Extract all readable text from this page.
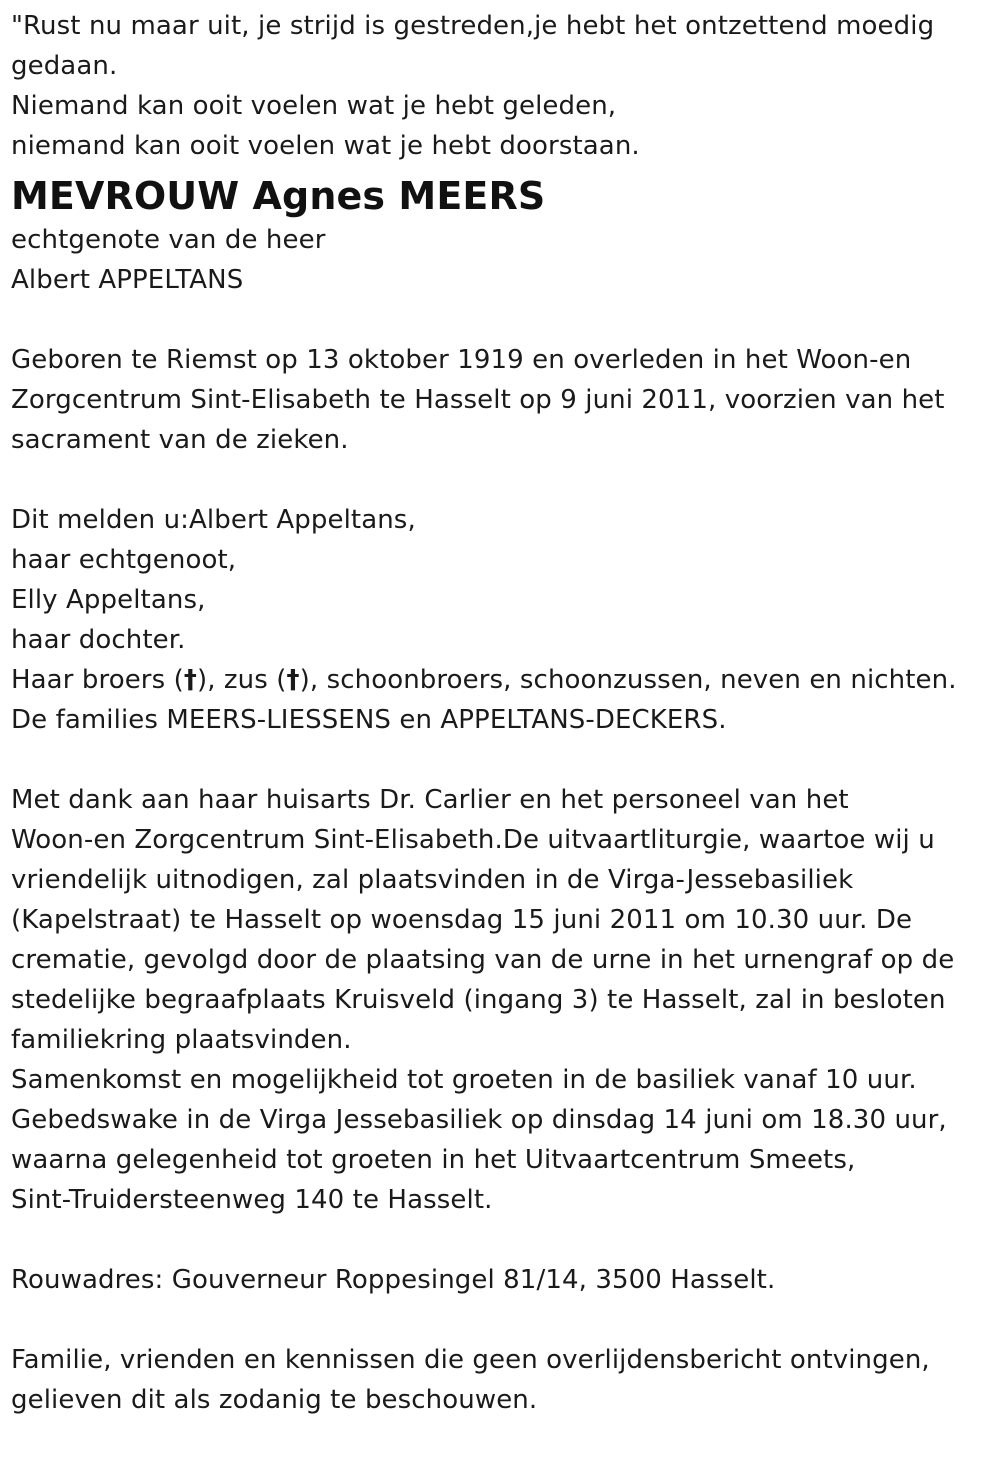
"Rust nu maar uit, je strijd is gestreden,je hebt het ontzettend moedig
gedaan.
Niemand kan ooit voelen wat je hebt geleden,
niemand kan ooit voelen wat je hebt doorstaan.
MEVROUW Agnes MEERS
echtgenote van de heer
Albert APPELTANS
Geboren te Riemst op 13 oktober 1919 en overleden in het Woon-en
Zorgcentrum Sint-Elisabeth te Hasselt op 9 juni 2011, voorzien van het
sacrament van de zieken.
Dit melden u:Albert Appeltans,
haar echtgenoot,
Elly Appeltans,
haar dochter.
Haar broers (†), zus (†), schoonbroers, schoonzussen, neven en nichten.
De families MEERS-LIESSENS en APPELTANS-DECKERS.
Met dank aan haar huisarts Dr. Carlier en het personeel van het
Woon-en Zorgcentrum Sint-Elisabeth.De uitvaartliturgie, waartoe wij u
vriendelijk uitnodigen, zal plaatsvinden in de Virga-Jessebasiliek
(Kapelstraat) te Hasselt op woensdag 15 juni 2011 om 10.30 uur. De
crematie, gevolgd door de plaatsing van de urne in het urnengraf op de
stedelijke begraafplaats Kruisveld (ingang 3) te Hasselt, zal in besloten
familiekring plaatsvinden.
Samenkomst en mogelijkheid tot groeten in de basiliek vanaf 10 uur.
Gebedswake in de Virga Jessebasiliek op dinsdag 14 juni om 18.30 uur,
waarna gelegenheid tot groeten in het Uitvaartcentrum Smeets,
Sint-Truidersteenweg 140 te Hasselt.
Rouwadres: Gouverneur Roppesingel 81/14, 3500 Hasselt.
Familie, vrienden en kennissen die geen overlijdensbericht ontvingen,
gelieven dit als zodanig te beschouwen.
